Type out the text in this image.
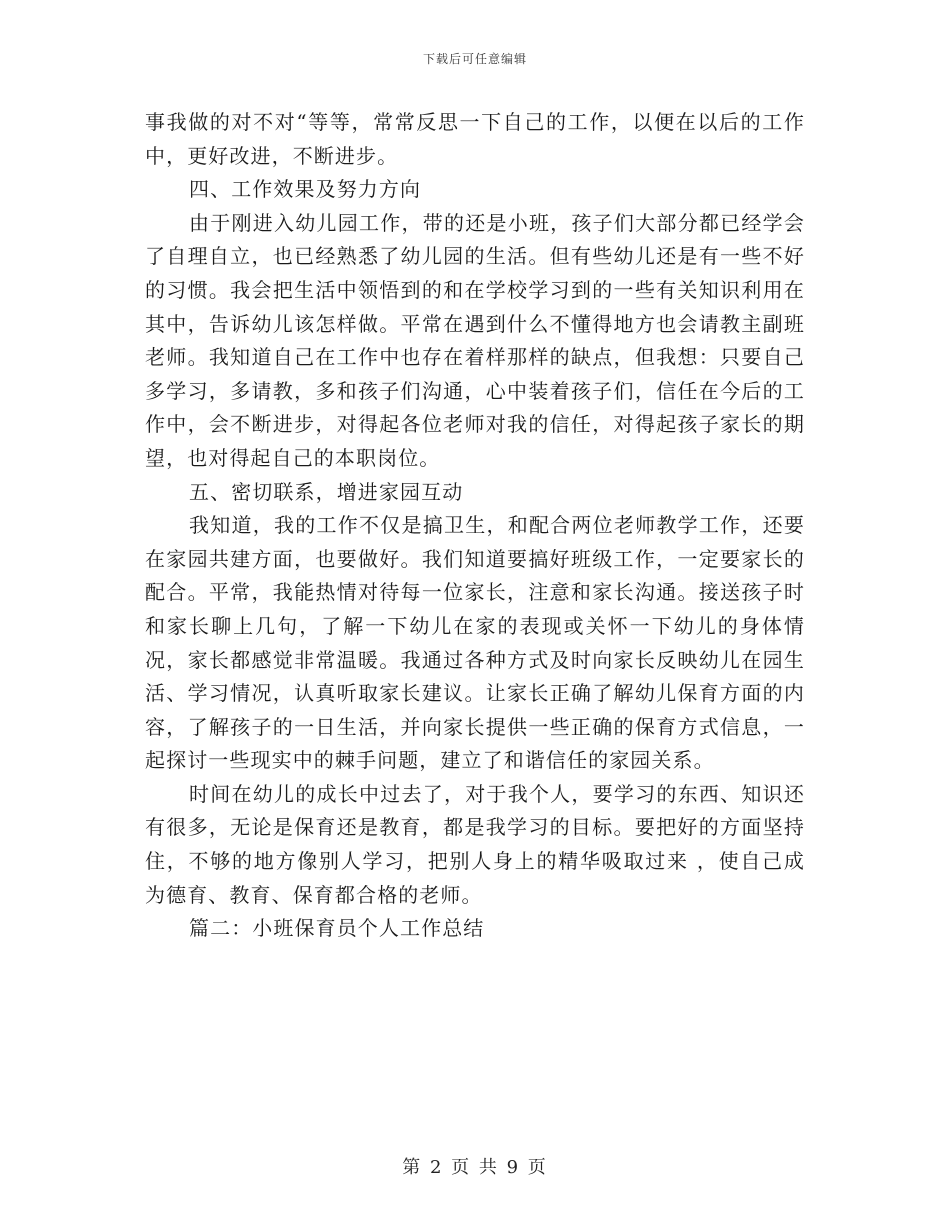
下载后可任意编辑

事我做的对不对“等等，常常反思一下自己的工作，以便在以后的工作中，更好改进，不断进步。

四、工作效果及努力方向

由于刚进入幼儿园工作，带的还是小班，孩子们大部分都已经学会了自理自立，也已经熟悉了幼儿园的生活。但有些幼儿还是有一些不好的习惯。我会把生活中领悟到的和在学校学习到的一些有关知识利用在其中，告诉幼儿该怎样做。平常在遇到什么不懂得地方也会请教主副班老师。我知道自己在工作中也存在着样那样的缺点，但我想：只要自己多学习，多请教，多和孩子们沟通，心中装着孩子们，信任在今后的工作中，会不断进步，对得起各位老师对我的信任，对得起孩子家长的期望，也对得起自己的本职岗位。

五、密切联系，增进家园互动

我知道，我的工作不仅是搞卫生，和配合两位老师教学工作，还要在家园共建方面，也要做好。我们知道要搞好班级工作，一定要家长的配合。平常，我能热情对待每一位家长，注意和家长沟通。接送孩子时和家长聊上几句，了解一下幼儿在家的表现或关怀一下幼儿的身体情况，家长都感觉非常温暖。我通过各种方式及时向家长反映幼儿在园生活、学习情况，认真听取家长建议。让家长正确了解幼儿保育方面的内容，了解孩子的一日生活，并向家长提供一些正确的保育方式信息，一起探讨一些现实中的棘手问题，建立了和谐信任的家园关系。

时间在幼儿的成长中过去了，对于我个人，要学习的东西、知识还有很多，无论是保育还是教育，都是我学习的目标。要把好的方面坚持住，不够的地方像别人学习，把别人身上的精华吸取过来 ，使自己成为德育、教育、保育都合格的老师。

篇二：小班保育员个人工作总结

第 2 页 共 9 页
